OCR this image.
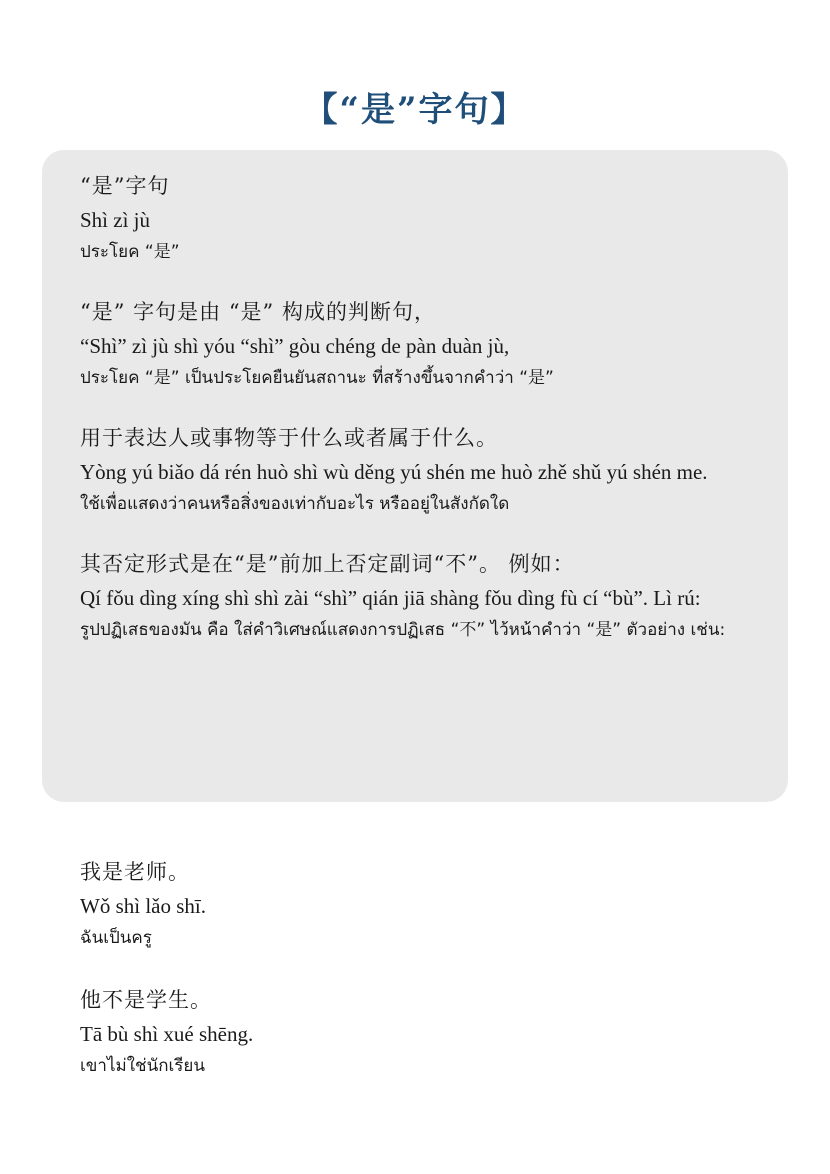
【“是”字句】
“是”字句
Shì zì jù
ประโยค “是”
“是” 字句是由 “是” 构成的判断句，
“Shì” zì jù shì yóu “shì” gòu chéng de pàn duàn jù,
ประโยค “是” เป็นประโยคยืนยันสถานะ ที่สร้างขึ้นจากคำว่า “是”
用于表达人或事物等于什么或者属于什么。
Yòng yú biǎo dá rén huò shì wù děng yú shén me huò zhě shǔ yú shén me.
ใช้เพื่อแสดงว่าคนหรือสิ่งของเท่ากับอะไร หรืออยู่ในสังกัดใด
其否定形式是在“是”前加上否定副词“不”。 例如：
Qí fǒu dìng xíng shì shì zài “shì” qián jiā shàng fǒu dìng fù cí “bù”. Lì rú:
รูปปฏิเสธของมัน คือ ใส่คำวิเศษณ์แสดงการปฏิเสธ “不” ไว้หน้าคำว่า “是” ตัวอย่าง เช่น:
我是老师。
Wǒ shì lǎo shī.
ฉันเป็นครู
他不是学生。
Tā bù shì xué shēng.
เขาไม่ใช่นักเรียน
